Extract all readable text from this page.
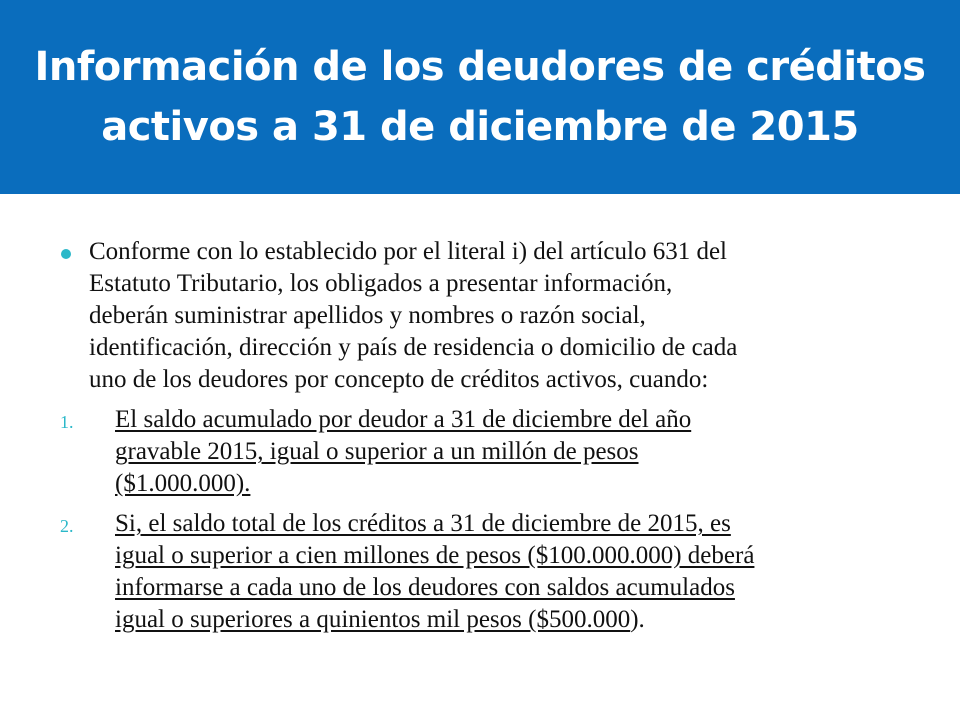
Información de los deudores de créditos
activos a 31 de diciembre de 2015
Conforme con lo establecido por el literal i) del artículo 631 del
Estatuto Tributario, los obligados a presentar información,
deberán suministrar apellidos y nombres o razón social,
identificación, dirección y país de residencia o domicilio de cada
uno de los deudores por concepto de créditos activos, cuando:
1. El saldo acumulado por deudor a 31 de diciembre del año
gravable 2015, igual o superior a un millón de pesos
($1.000.000).
2. Si, el saldo total de los créditos a 31 de diciembre de 2015, es
igual o superior a cien millones de pesos ($100.000.000) deberá
informarse a cada uno de los deudores con saldos acumulados
igual o superiores a quinientos mil pesos ($500.000).
